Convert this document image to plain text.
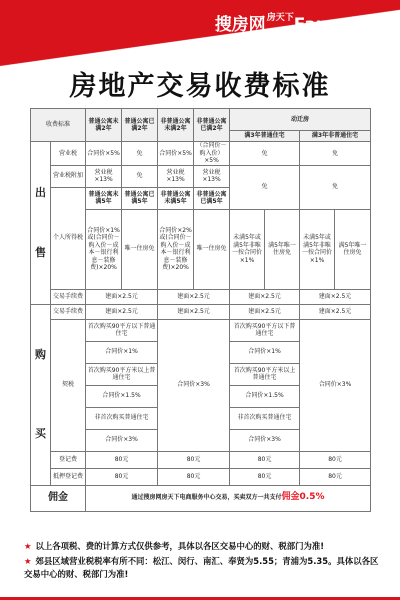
搜房网$^{房天下}$Fang.com
房地产交易收费标准
收费标准		普通公寓未满2年	普通公寓已满2年	非普通公寓未满2年	非普通公寓已满2年	动迁房			
						满3年普通住宅		满3年非普通住宅	
出

售	营业税	合同价×5%	免	合同价×5%	（合同价－购入价）×5%	免		免	
	营业税附加	营业税×13%	免	营业税×13%	营业税×13%	免		免	
	个人所得税	普通公寓未满5年	普通公寓已满5年	非普通公寓未满5年	非普通公寓已满5年				
		合同价×1%或(合同价－购入价－成本－银行利息－装修费)×20%	唯一住房免	合同价×2%或(合同价－购入价－成本－银行利息－装修费)×20%	唯一住房免	未满5年或满5年非唯一按合同价×1%	满5年唯一住房免	未满5年或满5年非唯一按合同价×1%	满5年唯一住房免
	交易手续费	建面×2.5元		建面×2.5元		建面×2.5元		建面×2.5元	
购

买	交易手续费	建面×2.5元		建面×2.5元		建面×2.5元		建面×2.5元	
	契税	首次购买90平方以下普通住宅		合同价×3%		首次购买90平方以下普通住宅		合同价×3%	
		合同价×1%				合同价×1%			
		首次购买90平方米以上普通住宅				首次购买90平方米以上普通住宅			
		合同价×1.5%				合同价×1.5%			
		非首次购买普通住宅				非首次购买普通住宅			
		合同价×3%				合同价×3%			
	登记费	80元		80元		80元		80元	
	抵押登记费	80元		80元		80元		80元	
佣金		通过搜房网房天下电商服务中心交易，买卖双方一共支付佣金0.5%							

★ 以上各项税、费的计算方式仅供参考，具体以各区交易中心的财、税部门为准!

★ 郊县区域营业税税率有所不同：松江、闵行、南汇、奉贤为5.55；青浦为5.35。具体以各区交易中心的财、税部门为准!
